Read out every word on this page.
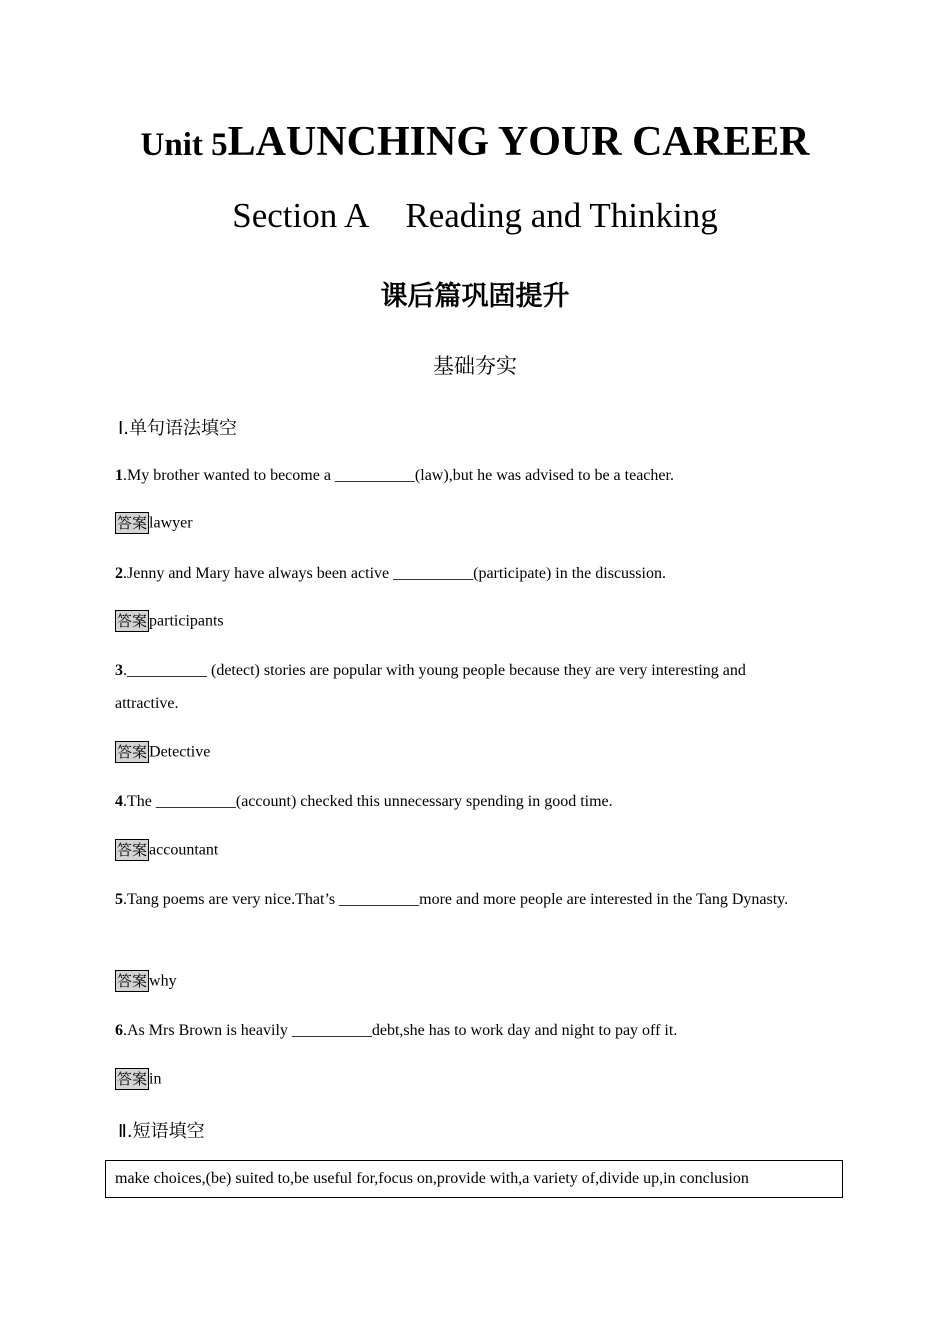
Unit 5LAUNCHING YOUR CAREER
Section A Reading and Thinking
课后篇巩固提升
基础夯实
Ⅰ.单句语法填空
1.My brother wanted to become a __________(law),but he was advised to be a teacher.
答案 lawyer
2.Jenny and Mary have always been active __________(participate) in the discussion.
答案 participants
3.__________ (detect) stories are popular with young people because they are very interesting and attractive.
答案 Detective
4.The __________(account) checked this unnecessary spending in good time.
答案 accountant
5.Tang poems are very nice.That’s __________more and more people are interested in the Tang Dynasty.
答案 why
6.As Mrs Brown is heavily __________debt,she has to work day and night to pay off it.
答案 in
Ⅱ.短语填空
make choices,(be) suited to,be useful for,focus on,provide with,a variety of,divide up,in conclusion
